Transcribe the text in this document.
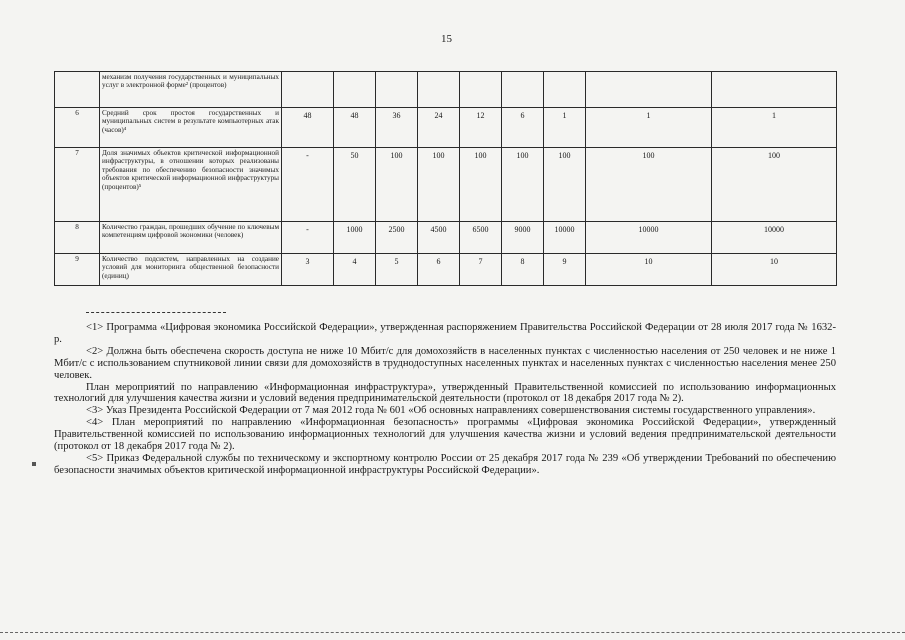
15
	механизм получения государственных и муниципальных услуг в электронной форме² (процентов)									
6	Средний срок простоя государственных и муниципальных систем в результате компьютерных атак (часов)⁴	48	48	36	24	12	6	1	1	1
7	Доля значимых объектов критической информационной инфраструктуры, в отношении которых реализованы требования по обеспечению безопасности значимых объектов критической информационной инфраструктуры (процентов)⁵	-	50	100	100	100	100	100	100	100
8	Количество граждан, прошедших обучение по ключевым компетенциям цифровой экономики (человек)	-	1000	2500	4500	6500	9000	10000	10000	10000
9	Количество подсистем, направленных на создание условий для мониторинга общественной безопасности (единиц)	3	4	5	6	7	8	9	10	10

<1> Программа «Цифровая экономика Российской Федерации», утвержденная распоряжением Правительства Российской Федерации от 28 июля 2017 года № 1632-р.

<2> Должна быть обеспечена скорость доступа не ниже 10 Мбит/с для домохозяйств в населенных пунктах с численностью населения от 250 человек и не ниже 1 Мбит/с с использованием спутниковой линии связи для домохозяйств в труднодоступных населенных пунктах и населенных пунктах с численностью населения менее 250 человек.

План мероприятий по направлению «Информационная инфраструктура», утвержденный Правительственной комиссией по использованию информационных технологий для улучшения качества жизни и условий ведения предпринимательской деятельности (протокол от 18 декабря 2017 года № 2).

<3> Указ Президента Российской Федерации от 7 мая 2012 года № 601 «Об основных направлениях совершенствования системы государственного управления».

<4> План мероприятий по направлению «Информационная безопасность» программы «Цифровая экономика Российской Федерации», утвержденный Правительственной комиссией по использованию информационных технологий для улучшения качества жизни и условий ведения предпринимательской деятельности (протокол от 18 декабря 2017 года № 2).

<5> Приказ Федеральной службы по техническому и экспортному контролю России от 25 декабря 2017 года № 239 «Об утверждении Требований по обеспечению безопасности значимых объектов критической информационной инфраструктуры Российской Федерации».
